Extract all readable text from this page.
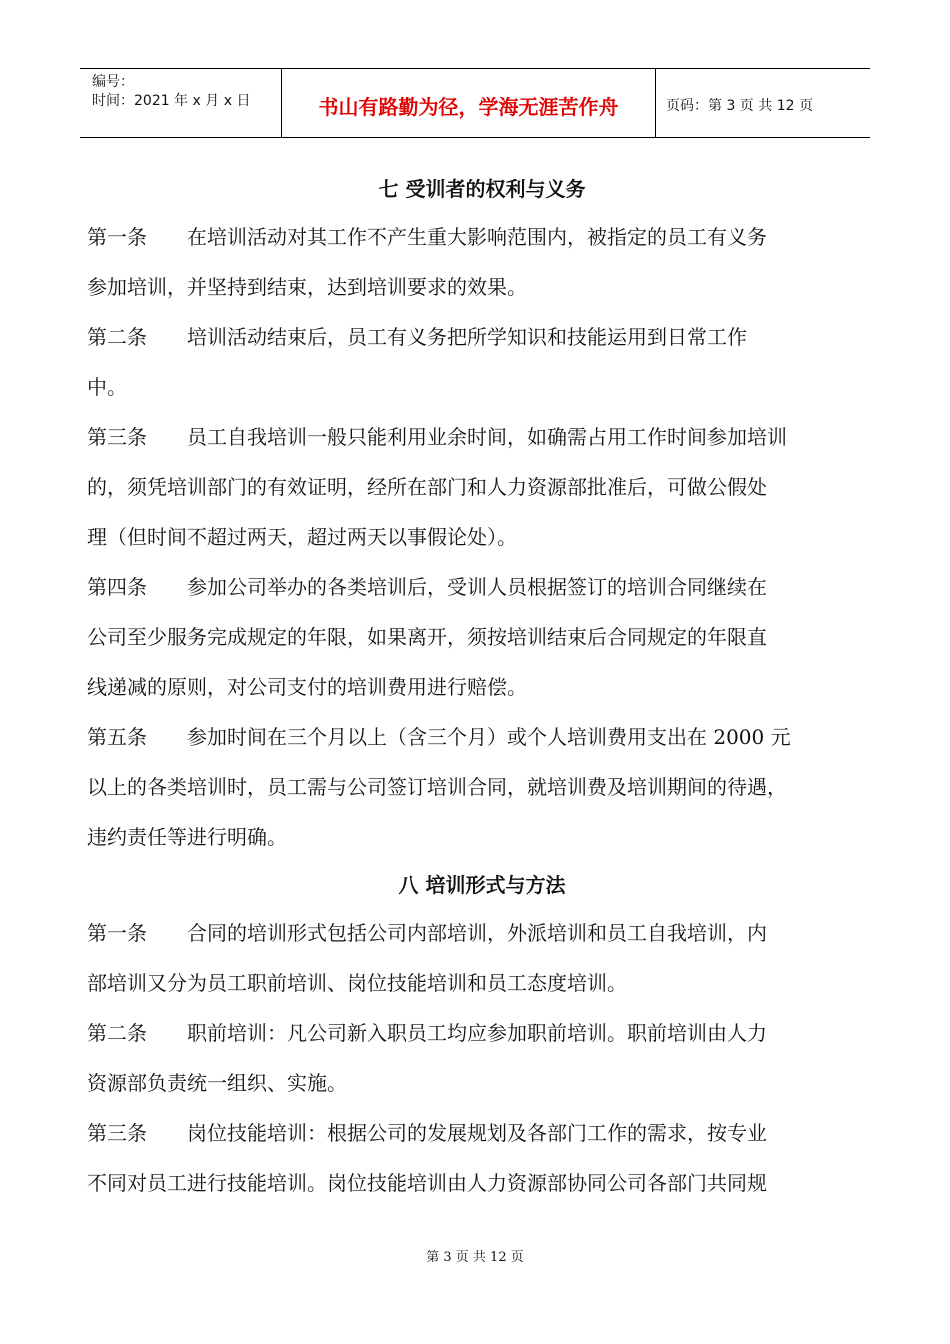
编号：
时间：2021 年 x 月 x 日	书山有路勤为径，学海无涯苦作舟	页码：第 3 页 共 12 页
七 受训者的权利与义务
第一条 在培训活动对其工作不产生重大影响范围内，被指定的员工有义务
参加培训，并坚持到结束，达到培训要求的效果。
第二条 培训活动结束后，员工有义务把所学知识和技能运用到日常工作
中。
第三条 员工自我培训一般只能利用业余时间，如确需占用工作时间参加培训
的，须凭培训部门的有效证明，经所在部门和人力资源部批准后，可做公假处
理（但时间不超过两天，超过两天以事假论处）。
第四条 参加公司举办的各类培训后，受训人员根据签订的培训合同继续在
公司至少服务完成规定的年限，如果离开，须按培训结束后合同规定的年限直
线递减的原则，对公司支付的培训费用进行赔偿。
第五条 参加时间在三个月以上（含三个月）或个人培训费用支出在 2000 元
以上的各类培训时，员工需与公司签订培训合同，就培训费及培训期间的待遇，
违约责任等进行明确。
八 培训形式与方法
第一条 合同的培训形式包括公司内部培训，外派培训和员工自我培训，内
部培训又分为员工职前培训、岗位技能培训和员工态度培训。
第二条 职前培训：凡公司新入职员工均应参加职前培训。职前培训由人力
资源部负责统一组织、实施。
第三条 岗位技能培训：根据公司的发展规划及各部门工作的需求，按专业
不同对员工进行技能培训。岗位技能培训由人力资源部协同公司各部门共同规
第 3 页 共 12 页
